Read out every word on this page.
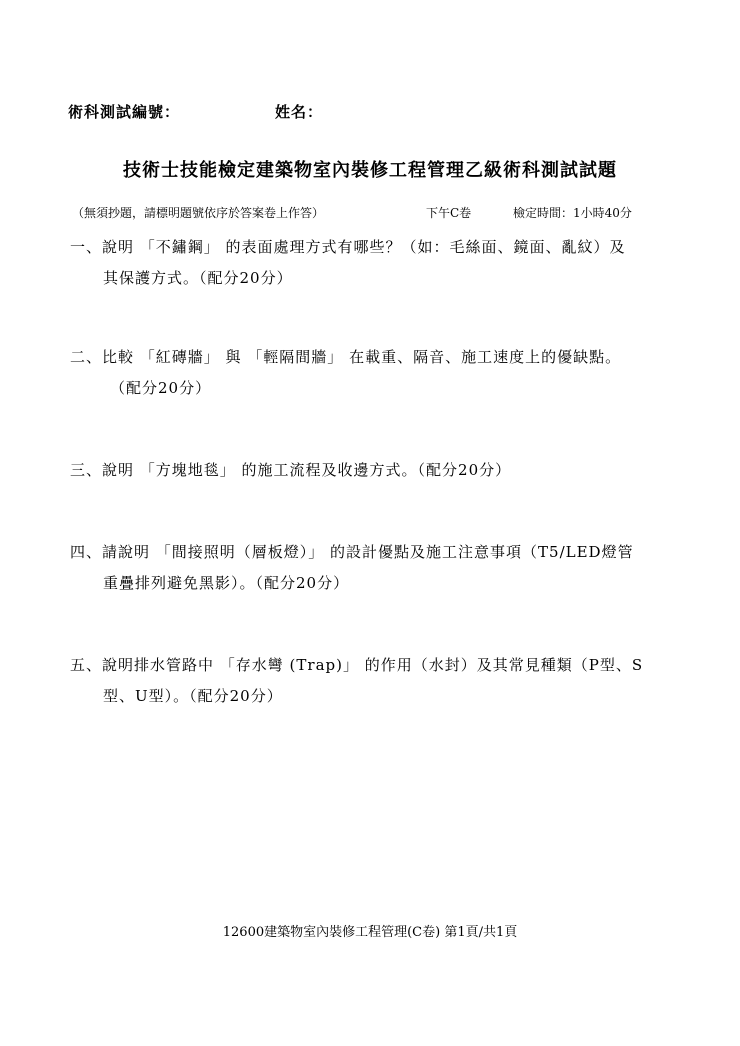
術科測試編號：	姓名：
技術士技能檢定建築物室內裝修工程管理乙級術科測試試題
（無須抄題，請標明題號依序於答案卷上作答）	下午C卷	檢定時間：1小時40分
一、說明 「不鏽鋼」 的表面處理方式有哪些？（如：毛絲面、鏡面、亂紋）及
其保護方式。（配分20分）
二、比較 「紅磚牆」 與 「輕隔間牆」 在載重、隔音、施工速度上的優缺點。
（配分20分）
三、說明 「方塊地毯」 的施工流程及收邊方式。（配分20分）
四、請說明 「間接照明（層板燈）」 的設計優點及施工注意事項（T5/LED燈管
重疊排列避免黑影）。（配分20分）
五、說明排水管路中 「存水彎 (Trap)」 的作用（水封）及其常見種類（P型、S
型、U型）。（配分20分）
12600建築物室內裝修工程管理(C卷) 第1頁/共1頁
